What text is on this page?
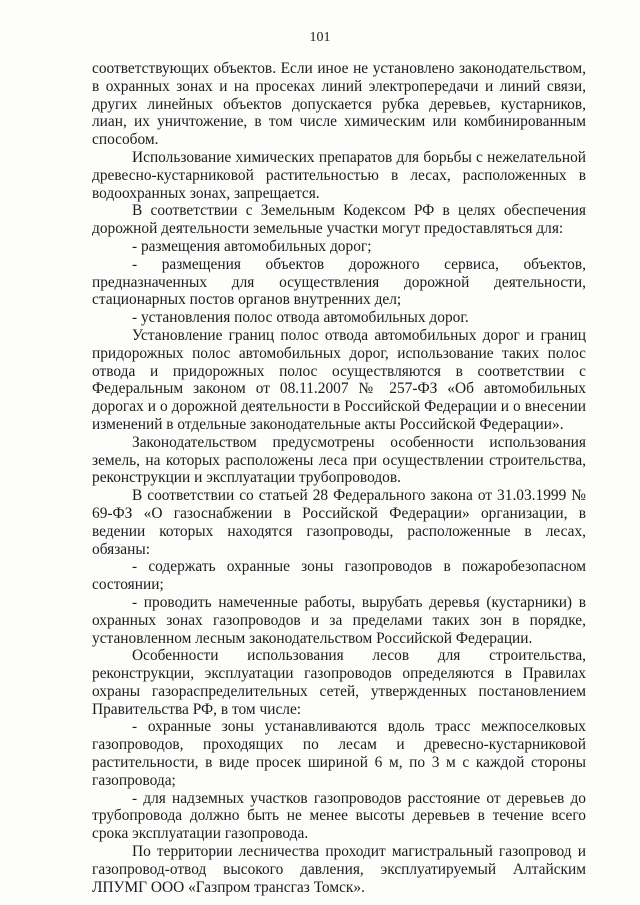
101

соответствующих объектов. Если иное не установлено законодательством, в охранных зонах и на просеках линий электропередачи и линий связи, других линейных объектов допускается рубка деревьев, кустарников, лиан, их уничтожение, в том числе химическим или комбинированным способом.

Использование химических препаратов для борьбы с нежелательной древесно-кустарниковой растительностью в лесах, расположенных в водоохранных зонах, запрещается.

В соответствии с Земельным Кодексом РФ в целях обеспечения дорожной деятельности земельные участки могут предоставляться для:

- размещения автомобильных дорог;

- размещения объектов дорожного сервиса, объектов, предназначенных для осуществления дорожной деятельности, стационарных постов органов внутренних дел;

- установления полос отвода автомобильных дорог.

Установление границ полос отвода автомобильных дорог и границ придорожных полос автомобильных дорог, использование таких полос отвода и придорожных полос осуществляются в соответствии с Федеральным законом от 08.11.2007 № 257-ФЗ «Об автомобильных дорогах и о дорожной деятельности в Российской Федерации и о внесении изменений в отдельные законодательные акты Российской Федерации».

Законодательством предусмотрены особенности использования земель, на которых расположены леса при осуществлении строительства, реконструкции и эксплуатации трубопроводов.

В соответствии со статьей 28 Федерального закона от 31.03.1999 № 69-ФЗ «О газоснабжении в Российской Федерации» организации, в ведении которых находятся газопроводы, расположенные в лесах, обязаны:

- содержать охранные зоны газопроводов в пожаробезопасном состоянии;

- проводить намеченные работы, вырубать деревья (кустарники) в охранных зонах газопроводов и за пределами таких зон в порядке, установленном лесным законодательством Российской Федерации.

Особенности использования лесов для строительства, реконструкции, эксплуатации газопроводов определяются в Правилах охраны газораспределительных сетей, утвержденных постановлением Правительства РФ, в том числе:

- охранные зоны устанавливаются вдоль трасс межпоселковых газопроводов, проходящих по лесам и древесно-кустарниковой растительности, в виде просек шириной 6 м, по 3 м с каждой стороны газопровода;

- для надземных участков газопроводов расстояние от деревьев до трубопровода должно быть не менее высоты деревьев в течение всего срока эксплуатации газопровода.

По территории лесничества проходит магистральный газопровод и газопровод-отвод высокого давления, эксплуатируемый Алтайским ЛПУМГ ООО «Газпром трансгаз Томск».
